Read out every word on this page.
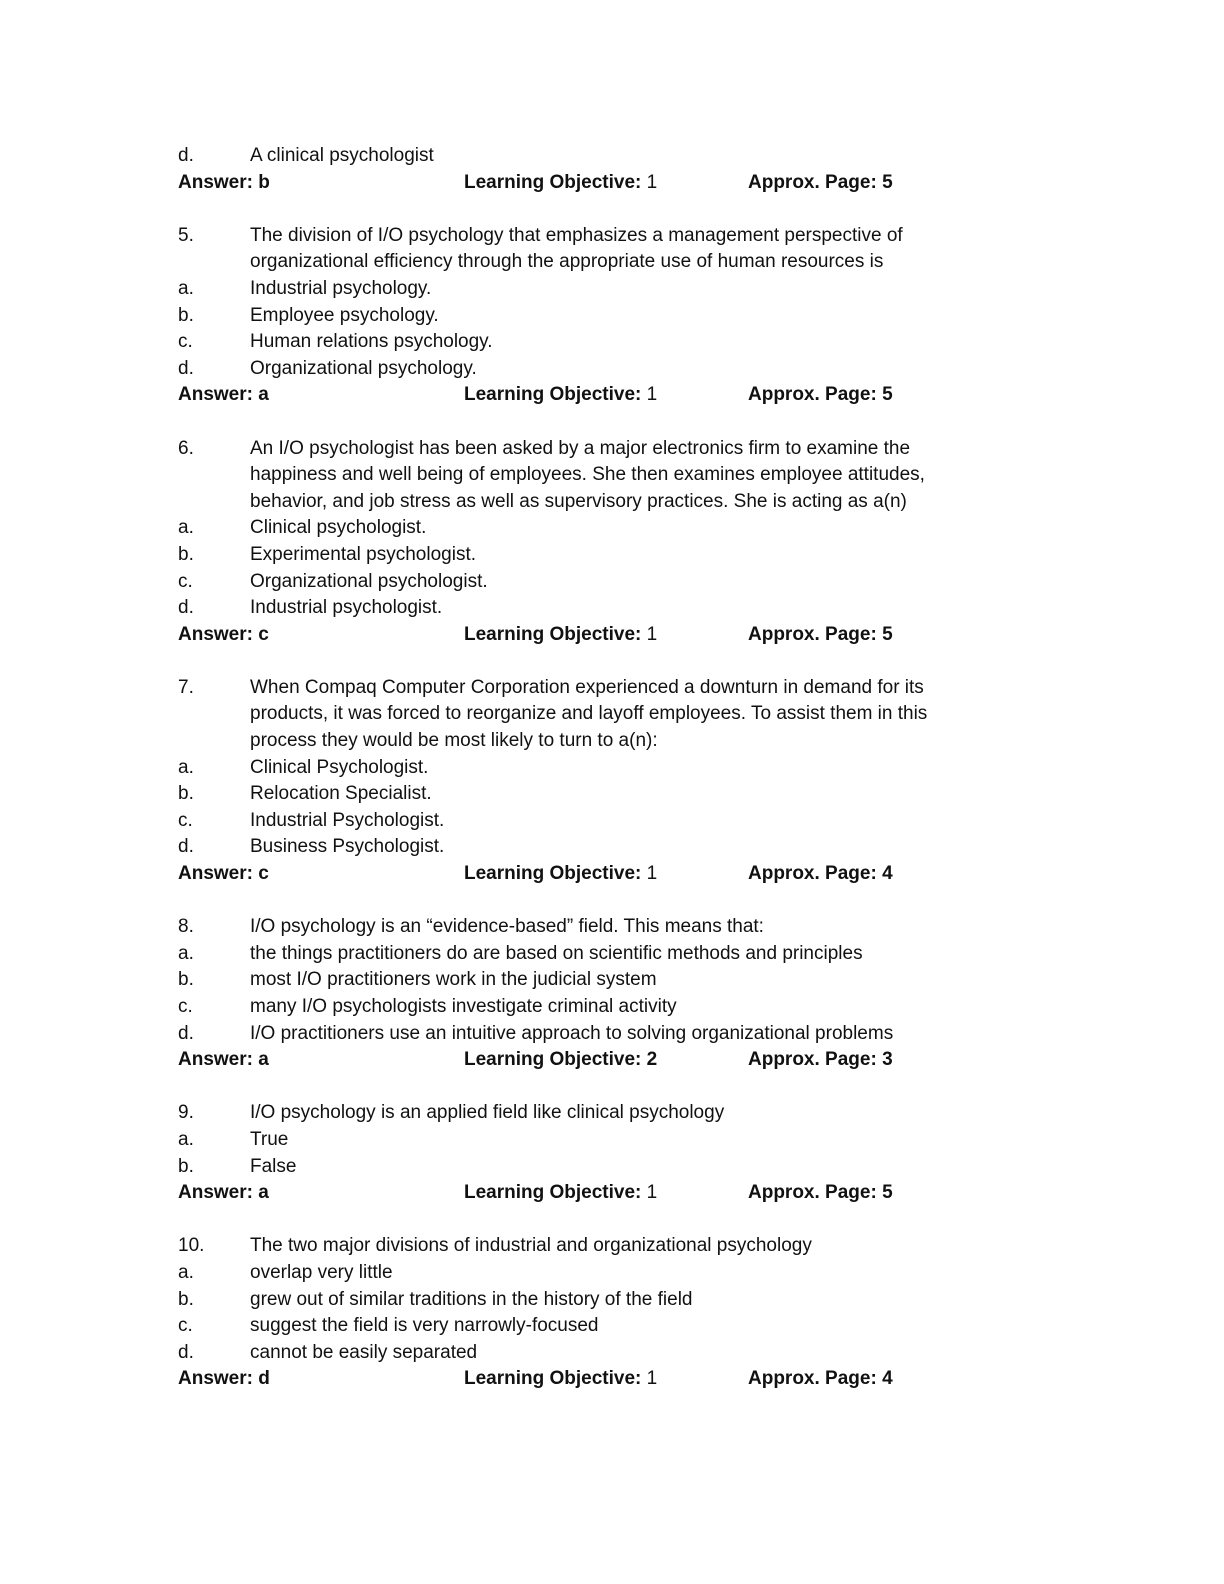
d.	A clinical psychologist
Answer: b	Learning Objective: 1	Approx. Page: 5
5.	The division of I/O psychology that emphasizes a management perspective of
organizational efficiency through the appropriate use of human resources is
a.	Industrial psychology.
b.	Employee psychology.
c.	Human relations psychology.
d.	Organizational psychology.
Answer: a	Learning Objective: 1	Approx. Page: 5
6.	An I/O psychologist has been asked by a major electronics firm to examine the
happiness and well being of employees. She then examines employee attitudes,
behavior, and job stress as well as supervisory practices. She is acting as a(n)
a.	Clinical psychologist.
b.	Experimental psychologist.
c.	Organizational psychologist.
d.	Industrial psychologist.
Answer: c	Learning Objective: 1	Approx. Page: 5
7.	When Compaq Computer Corporation experienced a downturn in demand for its
products, it was forced to reorganize and layoff employees. To assist them in this
process they would be most likely to turn to a(n):
a.	Clinical Psychologist.
b.	Relocation Specialist.
c.	Industrial Psychologist.
d.	Business Psychologist.
Answer: c	Learning Objective: 1	Approx. Page: 4
8.	I/O psychology is an “evidence-based” field. This means that:
a.	the things practitioners do are based on scientific methods and principles
b.	most I/O practitioners work in the judicial system
c.	many I/O psychologists investigate criminal activity
d.	I/O practitioners use an intuitive approach to solving organizational problems
Answer: a	Learning Objective: 2	Approx. Page: 3
9.	I/O psychology is an applied field like clinical psychology
a.	True
b.	False
Answer: a	Learning Objective: 1	Approx. Page: 5
10.	The two major divisions of industrial and organizational psychology
a.	overlap very little
b.	grew out of similar traditions in the history of the field
c.	suggest the field is very narrowly-focused
d.	cannot be easily separated
Answer: d	Learning Objective: 1	Approx. Page: 4
